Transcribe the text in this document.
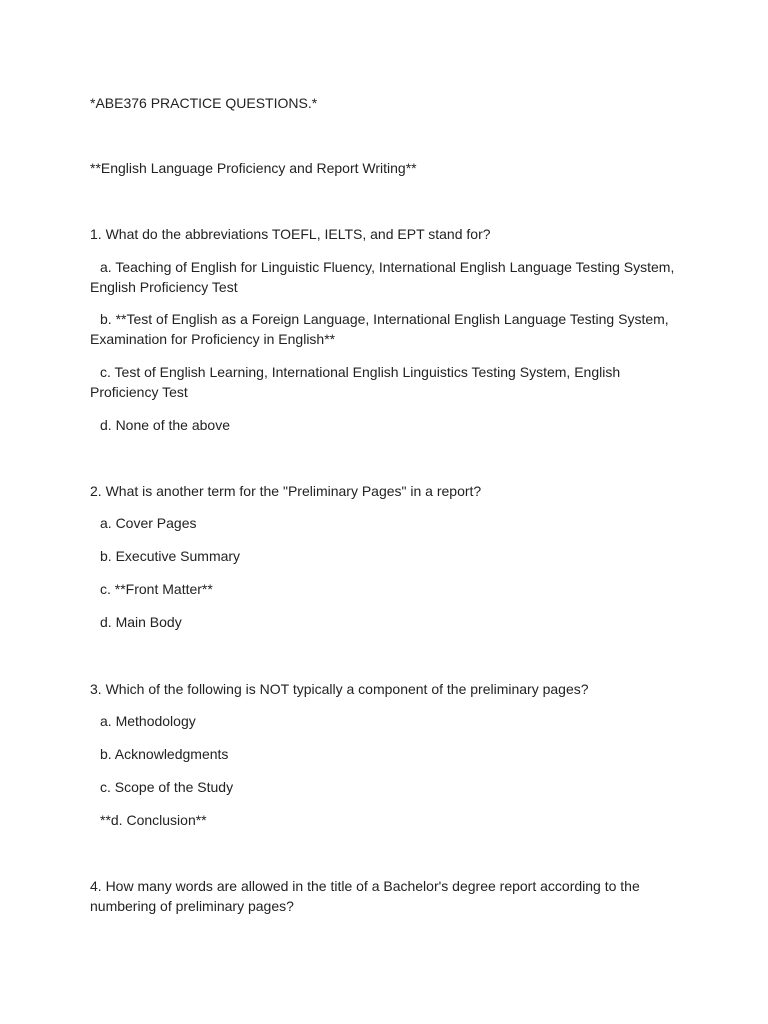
*ABE376 PRACTICE QUESTIONS.*
**English Language Proficiency and Report Writing**
1. What do the abbreviations TOEFL, IELTS, and EPT stand for?
a. Teaching of English for Linguistic Fluency, International English Language Testing System, English Proficiency Test
b. **Test of English as a Foreign Language, International English Language Testing System, Examination for Proficiency in English**
c. Test of English Learning, International English Linguistics Testing System, English Proficiency Test
d. None of the above
2. What is another term for the "Preliminary Pages" in a report?
a. Cover Pages
b. Executive Summary
c. **Front Matter**
d. Main Body
3. Which of the following is NOT typically a component of the preliminary pages?
a. Methodology
b. Acknowledgments
c. Scope of the Study
**d. Conclusion**
4. How many words are allowed in the title of a Bachelor's degree report according to the numbering of preliminary pages?
